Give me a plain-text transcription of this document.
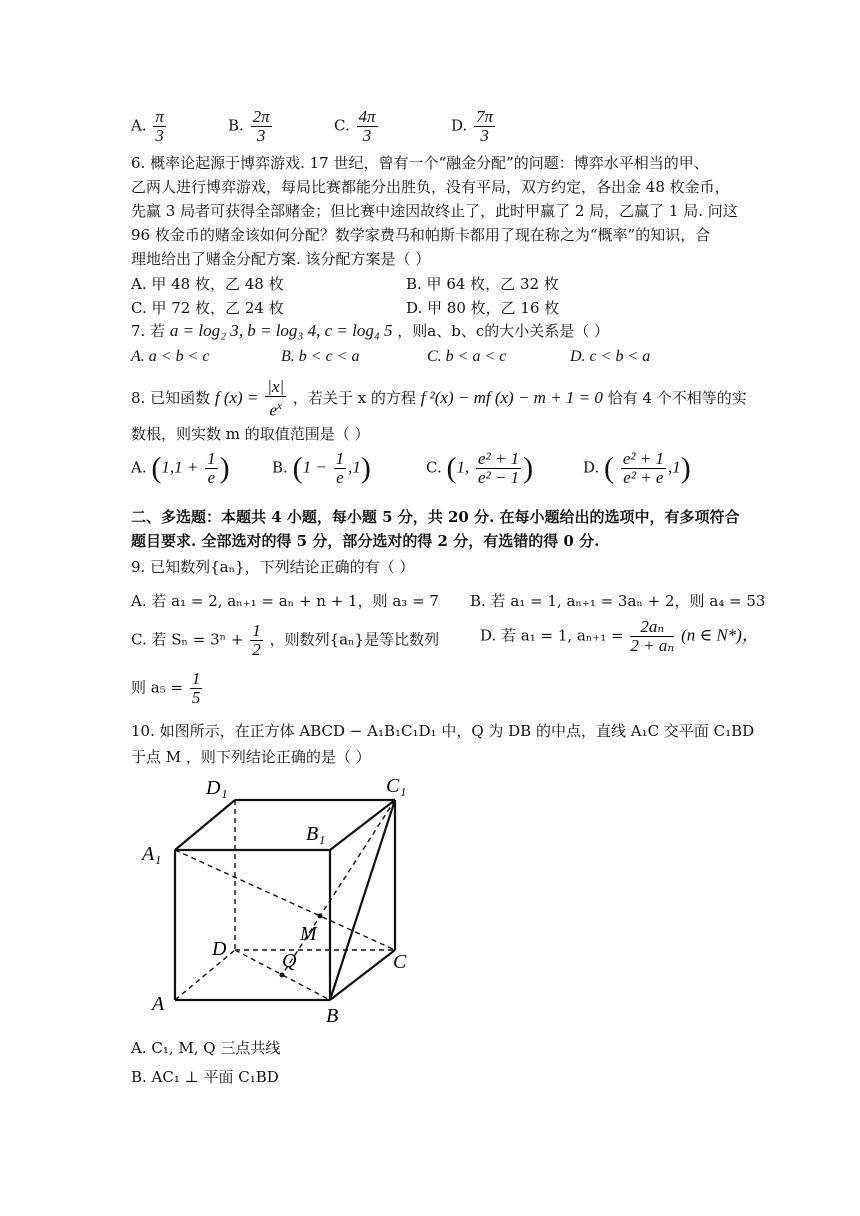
A. $\frac{\pi}{3}$	B. $\frac{2\pi}{3}$	C. $\frac{4\pi}{3}$	D. $\frac{7\pi}{3}$
6. 概率论起源于博弈游戏. 17 世纪，曾有一个“融金分配”的问题：博弈水平相当的甲、
乙两人进行博弈游戏，每局比赛都能分出胜负，没有平局，双方约定，各出金 48 枚金币，
先赢 3 局者可获得全部赌金；但比赛中途因故终止了，此时甲赢了 2 局，乙赢了 1 局. 问这
96 枚金币的赌金该如何分配？数学家费马和帕斯卡都用了现在称之为“概率”的知识，合
理地给出了赌金分配方案. 该分配方案是（ ）
A. 甲 48 枚，乙 48 枚	B. 甲 64 枚，乙 32 枚
C. 甲 72 枚，乙 24 枚	D. 甲 80 枚，乙 16 枚
7. 若 a = log₂ 3, b = log₃ 4, c = log₄ 5 ，则a、b、c的大小关系是（ ）
A. a < b < c	B. b < c < a	C. b < a < c	D. c < b < a
8. 已知函数 f $(x) = \frac{|x|}{e^x}$ ，若关于 x 的方程 f ²(x) − mf (x) − m + 1 = 0 恰有 4 个不相等的实
数根，则实数 m 的取值范围是（ ）
A. ($1,1 + \frac{1}{e}$ )	B. $(1 - \frac{1}{e} ,1)$	C. (1, $\frac{\text{e² + 1}}{\text{e² − 1}}$ )	D. ( $\frac{\text{e² + 1}}{\text{e² + e}} ,1$)
二、多选题：本题共 4 小题，每小题 5 分，共 20 分. 在每小题给出的选项中，有多项符合
题目要求. 全部选对的得 5 分，部分选对的得 2 分，有选错的得 0 分.
9. 已知数列{aₙ}，下列结论正确的有（ ）
A. 若 a₁ = 2, aₙ₊₁ = aₙ + n + 1，则 a₃ = 7 B. 若 a₁ = 1, aₙ₊₁ = 3aₙ + 2，则 a₄ = 53
C. 若 $S_n = 3^n + \frac{1}{2}$ ，则数列{aₙ}是等比数列	D. 若 a₁ = 1, $a_{n+1} = \frac{\text{2aₙ}}{\text{2 + aₙ}} (n$ ∈ N*)，
则 $a_5 = \frac{1}{5}$
10. 如图所示，在正方体 ABCD − A₁B₁C₁D₁ 中，Q 为 DB 的中点，直线 A₁C 交平面 C₁BD
于点 M ，则下列结论正确的是（ ）
D₁	C₁
B₁
A₁
D
M
C
Q
A
B
A. C₁, M, Q 三点共线
B. AC₁ ⊥ 平面 C₁BD
